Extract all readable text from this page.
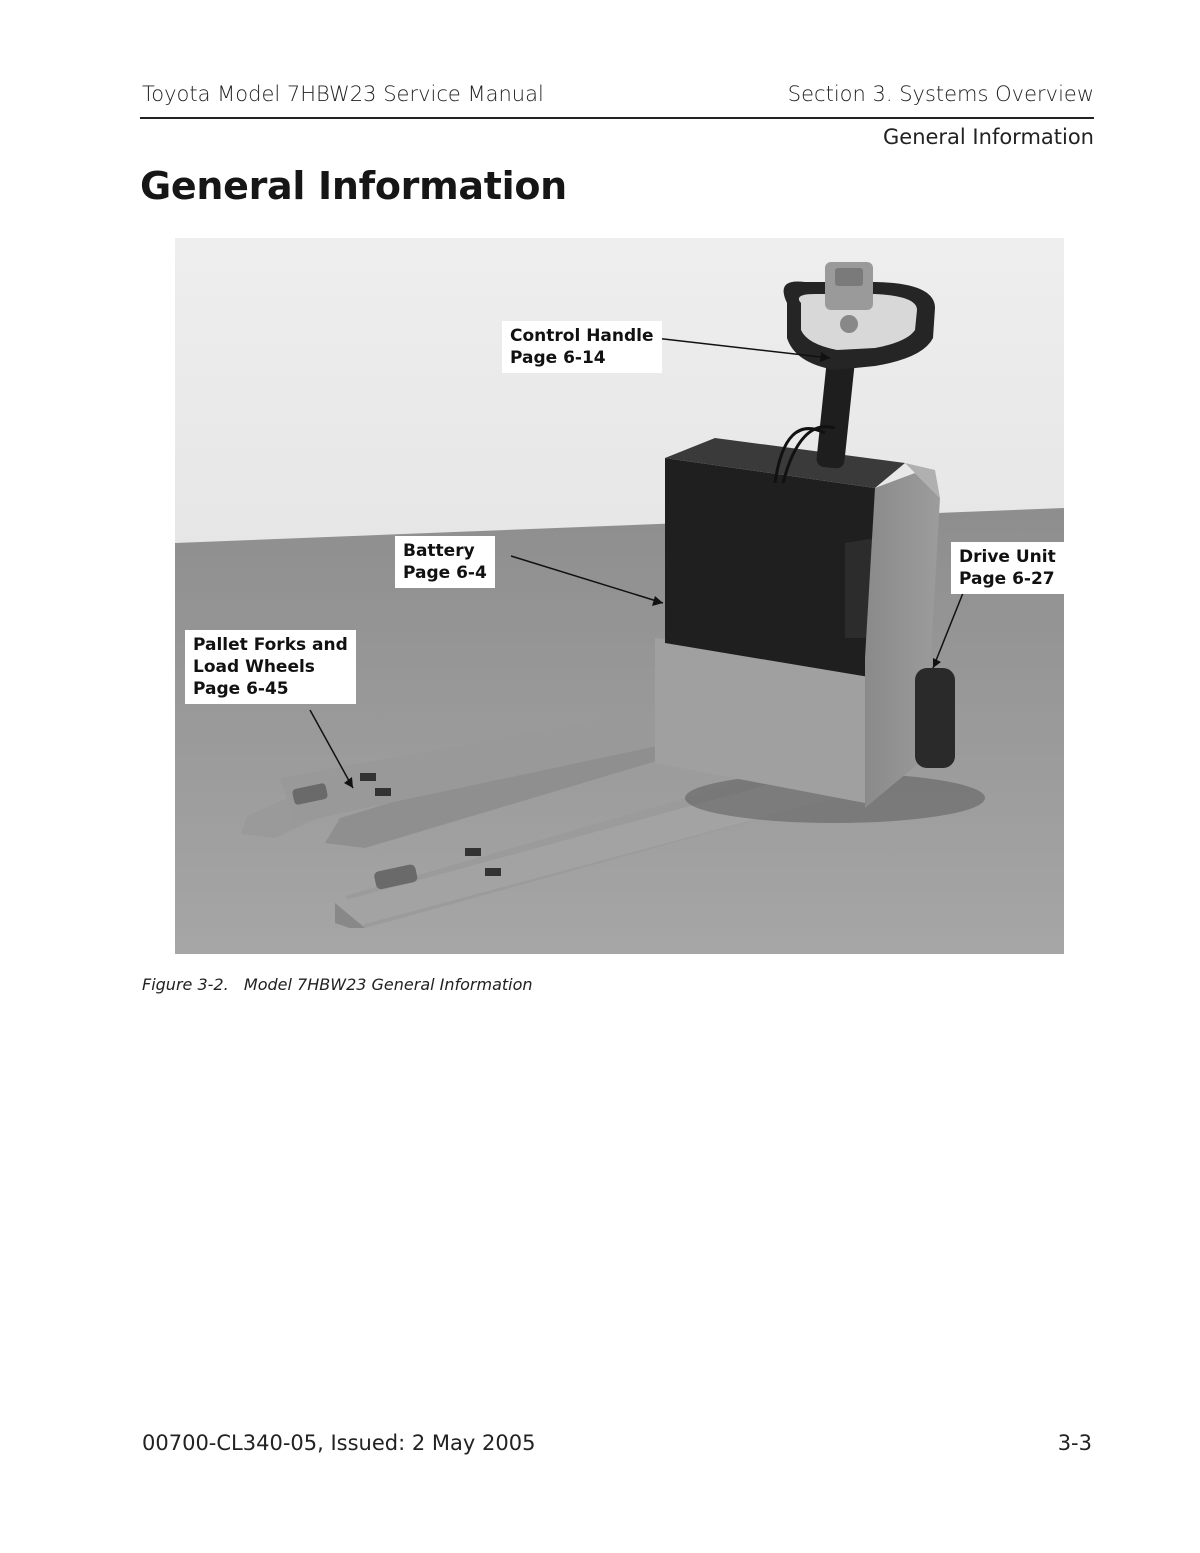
Toyota Model 7HBW23 Service Manual	Section 3. Systems Overview
General Information
General Information
Control Handle
Page 6-14
Battery
Page 6-4
Drive Unit
Page 6-27
Pallet Forks and
Load Wheels
Page 6-45
Figure 3-2.   Model 7HBW23 General Information
00700-CL340-05, Issued: 2 May 2005	3-3
